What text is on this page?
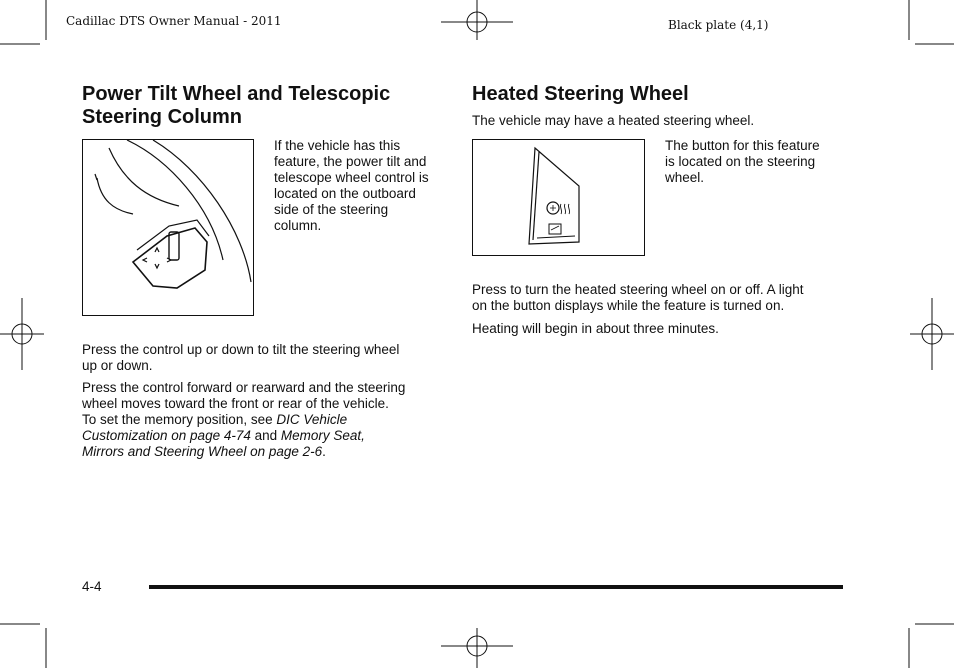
Cadillac DTS Owner Manual - 2011	Black plate (4,1)
Power Tilt Wheel and Telescopic
Steering Column
If the vehicle has this
feature, the power tilt and
telescope wheel control is
located on the outboard
side of the steering
column.
Press the control up or down to tilt the steering wheel
up or down.
Press the control forward or rearward and the steering
wheel moves toward the front or rear of the vehicle.
To set the memory position, see DIC Vehicle
Customization on page 4-74 and Memory Seat,
Mirrors and Steering Wheel on page 2-6.
Heated Steering Wheel
The vehicle may have a heated steering wheel.
The button for this feature
is located on the steering
wheel.
Press to turn the heated steering wheel on or off. A light
on the button displays while the feature is turned on.
Heating will begin in about three minutes.
4-4
